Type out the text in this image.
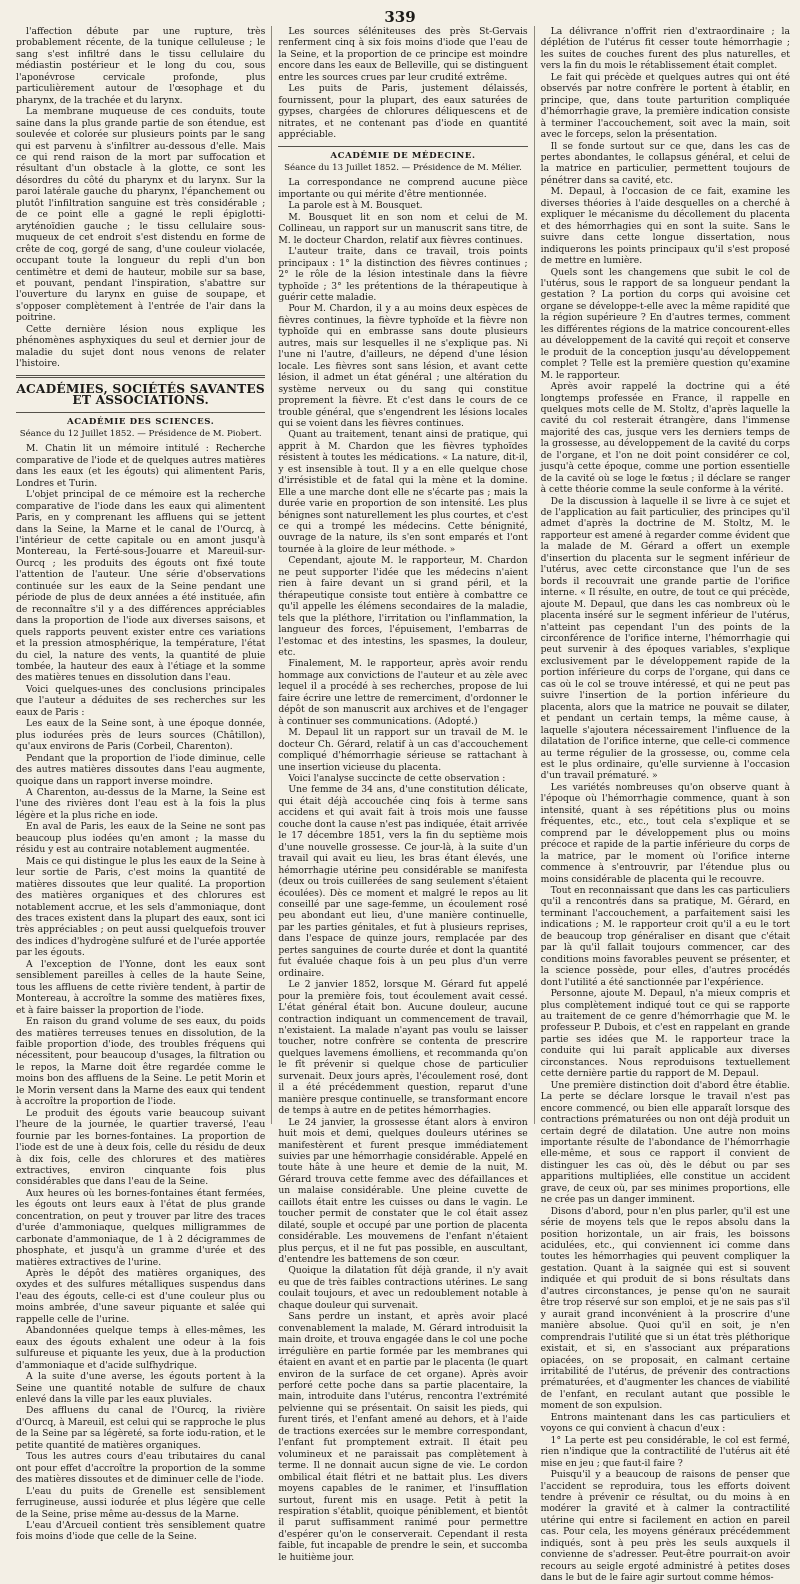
339

l'affection débute par une rupture, très probablement récente, de la tunique celluleuse ; le sang s'est infiltré dans le tissu cellulaire du médiastin postérieur et le long du cou, sous l'aponévrose cervicale profonde, plus particulièrement autour de l'œsophage et du pharynx, de la trachée et du larynx.

La membrane muqueuse de ces conduits, toute saine dans la plus grande partie de son étendue, est soulevée et colorée sur plusieurs points par le sang qui est parvenu à s'infiltrer au-dessous d'elle. Mais ce qui rend raison de la mort par suffocation et résultant d'un obstacle à la glotte, ce sont les désordres du côté du pharynx et du larynx. Sur la paroi latérale gauche du pharynx, l'épanchement ou plutôt l'infiltration sanguine est très considérable ; de ce point elle a gagné le repli épiglotti-aryténoïdien gauche ; le tissu cellulaire sous-muqueux de cet endroit s'est distendu en forme de crête de coq, gorgé de sang, d'une couleur violacée, occupant toute la longueur du repli d'un bon centimètre et demi de hauteur, mobile sur sa base, et pouvant, pendant l'inspiration, s'abattre sur l'ouverture du larynx en guise de soupape, et s'opposer complètement à l'entrée de l'air dans la poitrine.

Cette dernière lésion nous explique les phénomènes asphyxiques du seul et dernier jour de maladie du sujet dont nous venons de relater l'histoire.

ACADÉMIES, SOCIÉTÉS SAVANTES ET ASSOCIATIONS.
ACADÉMIE DES SCIENCES.
Séance du 12 Juillet 1852. — Présidence de M. Piobert.

M. Chatin lit un mémoire intitulé : Recherche comparative de l'iode et de quelques autres matières dans les eaux (et les égouts) qui alimentent Paris, Londres et Turin.

L'objet principal de ce mémoire est la recherche comparative de l'iode dans les eaux qui alimentent Paris, en y comprenant les affluens qui se jettent dans la Seine, la Marne et le canal de l'Ourcq, à l'intérieur de cette capitale ou en amont jusqu'à Montereau, la Ferté-sous-Jouarre et Mareuil-sur-Ourcq ; les produits des égouts ont fixé toute l'attention de l'auteur. Une série d'observations continuée sur les eaux de la Seine pendant une période de plus de deux années a été instituée, afin de reconnaître s'il y a des différences appréciables dans la proportion de l'iode aux diverses saisons, et quels rapports peuvent exister entre ces variations et la pression atmosphérique, la température, l'état du ciel, la nature des vents, la quantité de pluie tombée, la hauteur des eaux à l'étiage et la somme des matières tenues en dissolution dans l'eau.

Voici quelques-unes des conclusions principales que l'auteur a déduites de ses recherches sur les eaux de Paris :

Les eaux de la Seine sont, à une époque donnée, plus iodurées près de leurs sources (Châtillon), qu'aux environs de Paris (Corbeil, Charenton).

Pendant que la proportion de l'iode diminue, celle des autres matières dissoutes dans l'eau augmente, quoique dans un rapport inverse moindre.

A Charenton, au-dessus de la Marne, la Seine est l'une des rivières dont l'eau est à la fois la plus légère et la plus riche en iode.

En aval de Paris, les eaux de la Seine ne sont pas beaucoup plus iodées qu'en amont ; la masse du résidu y est au contraire notablement augmentée.

Mais ce qui distingue le plus les eaux de la Seine à leur sortie de Paris, c'est moins la quantité de matières dissoutes que leur qualité. La proportion des matières organiques et des chlorures est notablement accrue, et les sels d'ammoniaque, dont des traces existent dans la plupart des eaux, sont ici très appréciables ; on peut aussi quelquefois trouver des indices d'hydrogène sulfuré et de l'urée apportée par les égouts.

A l'exception de l'Yonne, dont les eaux sont sensiblement pareilles à celles de la haute Seine, tous les affluens de cette rivière tendent, à partir de Montereau, à accroître la somme des matières fixes, et à faire baisser la proportion de l'iode.

En raison du grand volume de ses eaux, du poids des matières terreuses tenues en dissolution, de la faible proportion d'iode, des troubles fréquens qui nécessitent, pour beaucoup d'usages, la filtration ou le repos, la Marne doit être regardée comme le moins bon des affluens de la Seine. Le petit Morin et le Morin versent dans la Marne des eaux qui tendent à accroître la proportion de l'iode.

Le produit des égouts varie beaucoup suivant l'heure de la journée, le quartier traversé, l'eau fournie par les bornes-fontaines. La proportion de l'iode est de une à deux fois, celle du résidu de deux à dix fois, celle des chlorures et des matières extractives, environ cinquante fois plus considérables que dans l'eau de la Seine.

Aux heures où les bornes-fontaines étant fermées, les égouts ont leurs eaux à l'état de plus grande concentration, on peut y trouver par litre des traces d'urée d'ammoniaque, quelques milligrammes de carbonate d'ammoniaque, de 1 à 2 décigrammes de phosphate, et jusqu'à un gramme d'urée et des matières extractives de l'urine.

Après le dépôt des matières organiques, des oxydes et des sulfures métalliques suspendus dans l'eau des égouts, celle-ci est d'une couleur plus ou moins ambrée, d'une saveur piquante et salée qui rappelle celle de l'urine.

Abandonnées quelque temps à elles-mêmes, les eaux des égouts exhalent une odeur à la fois sulfureuse et piquante les yeux, due à la production d'ammoniaque et d'acide sulfhydrique.

A la suite d'une averse, les égouts portent à la Seine une quantité notable de sulfure de chaux enlevé dans la ville par les eaux pluviales.

Des affluens du canal de l'Ourcq, la rivière d'Ourcq, à Mareuil, est celui qui se rapproche le plus de la Seine par sa légèreté, sa forte iodu-ration, et le petite quantité de matières organiques.

Tous les autres cours d'eau tributaires du canal ont pour effet d'accroître la proportion de la somme des matières dissoutes et de diminuer celle de l'iode.

L'eau du puits de Grenelle est sensiblement ferrugineuse, aussi iodurée et plus légère que celle de la Seine, prise même au-dessus de la Marne.

L'eau d'Arcueil contient très sensiblement quatre fois moins d'iode que celle de la Seine.

Les sources séléniteuses des près St-Gervais renferment cinq à six fois moins d'iode que l'eau de la Seine, et la proportion de ce principe est moindre encore dans les eaux de Belleville, qui se distinguent entre les sources crues par leur crudité extrême.

Les puits de Paris, justement délaissés, fournissent, pour la plupart, des eaux saturées de gypses, chargées de chlorures déliquescens et de nitrates, et ne contenant pas d'iode en quantité appréciable.

ACADÉMIE DE MÉDECINE.
Séance du 13 Juillet 1852. — Présidence de M. Mélier.

La correspondance ne comprend aucune pièce importante ou qui mérite d'être mentionnée.

La parole est à M. Bousquet.

M. Bousquet lit en son nom et celui de M. Collineau, un rapport sur un manuscrit sans titre, de M. le docteur Chardon, relatif aux fièvres continues.

L'auteur traite, dans ce travail, trois points principaux : 1° la distinction des fièvres continues ; 2° le rôle de la lésion intestinale dans la fièvre typhoïde ; 3° les prétentions de la thérapeutique à guérir cette maladie.

Pour M. Chardon, il y a au moins deux espèces de fièvres continues, la fièvre typhoïde et la fièvre non typhoïde qui en embrasse sans doute plusieurs autres, mais sur lesquelles il ne s'explique pas. Ni l'une ni l'autre, d'ailleurs, ne dépend d'une lésion locale. Les fièvres sont sans lésion, et avant cette lésion, il admet un état général ; une altération du système nerveux ou du sang qui constitue proprement la fièvre. Et c'est dans le cours de ce trouble général, que s'engendrent les lésions locales qui se voient dans les fièvres continues.

Quant au traitement, tenant ainsi de pratique, qui apprit à M. Chardon que les fièvres typhoïdes résistent à toutes les médications. « La nature, dit-il, y est insensible à tout. Il y a en elle quelque chose d'irrésistible et de fatal qui la mène et la domine. Elle a une marche dont elle ne s'écarte pas ; mais la durée varie en proportion de son intensité. Les plus bénignes sont naturellement les plus courtes, et c'est ce qui a trompé les médecins. Cette bénignité, ouvrage de la nature, ils s'en sont emparés et l'ont tournée à la gloire de leur méthode. »

Cependant, ajoute M. le rapporteur, M. Chardon ne peut supporter l'idée que les médecins n'aient rien à faire devant un si grand péril, et la thérapeutique consiste tout entière à combattre ce qu'il appelle les élémens secondaires de la maladie, tels que la pléthore, l'irritation ou l'inflammation, la langueur des forces, l'épuisement, l'embarras de l'estomac et des intestins, les spasmes, la douleur, etc.

Finalement, M. le rapporteur, après avoir rendu hommage aux convictions de l'auteur et au zèle avec lequel il a procédé à ses recherches, propose de lui faire écrire une lettre de remerciment, d'ordonner le dépôt de son manuscrit aux archives et de l'engager à continuer ses communications. (Adopté.)

M. Depaul lit un rapport sur un travail de M. le docteur Ch. Gérard, relatif à un cas d'accouchement compliqué d'hémorrhagie sérieuse se rattachant à une insertion vicieuse du placenta.

Voici l'analyse succincte de cette observation :

Une femme de 34 ans, d'une constitution délicate, qui était déjà accouchée cinq fois à terme sans accidens et qui avait fait à trois mois une fausse couche dont la cause n'est pas indiquée, était arrivée le 17 décembre 1851, vers la fin du septième mois d'une nouvelle grossesse. Ce jour-là, à la suite d'un travail qui avait eu lieu, les bras étant élevés, une hémorrhagie utérine peu considérable se manifesta (deux ou trois cuillerées de sang seulement s'étaient écoulées). Dès ce moment et malgré le repos au lit conseillé par une sage-femme, un écoulement rosé peu abondant eut lieu, d'une manière continuelle, par les parties génitales, et fut à plusieurs reprises, dans l'espace de quinze jours, remplacée par des pertes sanguines de courte durée et dont la quantité fut évaluée chaque fois à un peu plus d'un verre ordinaire.

Le 2 janvier 1852, lorsque M. Gérard fut appelé pour la première fois, tout écoulement avait cessé. L'état général était bon. Aucune douleur, aucune contraction indiquant un commencement de travail, n'existaient. La malade n'ayant pas voulu se laisser toucher, notre confrère se contenta de prescrire quelques lavemens émolliens, et recommanda qu'on le fît prévenir si quelque chose de particulier survenait. Deux jours après, l'écoulement rosé, dont il a été précédemment question, reparut d'une manière presque continuelle, se transformant encore de temps à autre en de petites hémorrhagies.

Le 24 janvier, la grossesse étant alors à environ huit mois et demi, quelques douleurs utérines se manifestèrent et furent presque immédiatement suivies par une hémorrhagie considérable. Appelé en toute hâte à une heure et demie de la nuit, M. Gérard trouva cette femme avec des défaillances et un malaise considérable. Une pleine cuvette de caillots était entre les cuisses ou dans le vagin. Le toucher permit de constater que le col était assez dilaté, souple et occupé par une portion de placenta considérable. Les mouvemens de l'enfant n'étaient plus perçus, et il ne fut pas possible, en auscultant, d'entendre les battemens de son cœur.

Quoique la dilatation fût déjà grande, il n'y avait eu que de très faibles contractions utérines. Le sang coulait toujours, et avec un redoublement notable à chaque douleur qui survenait.

Sans perdre un instant, et après avoir placé convenablement la malade, M. Gérard introduisit la main droite, et trouva engagée dans le col une poche irrégulière en partie formée par les membranes qui étaient en avant et en partie par le placenta (le quart environ de la surface de cet organe). Après avoir perforé cette poche dans sa partie placentaire, la main, introduite dans l'utérus, rencontra l'extrémité pelvienne qui se présentait. On saisit les pieds, qui furent tirés, et l'enfant amené au dehors, et à l'aide de tractions exercées sur le membre correspondant, l'enfant fut promptement extrait. Il était peu volumineux et ne paraissait pas complètement à terme. Il ne donnait aucun signe de vie. Le cordon ombilical était flétri et ne battait plus. Les divers moyens capables de le ranimer, et l'insufflation surtout, furent mis en usage. Petit à petit la respiration s'établit, quoique péniblement, et bientôt il parut suffisamment ranimé pour permettre d'espérer qu'on le conserverait. Cependant il resta faible, fut incapable de prendre le sein, et succomba le huitième jour.

La délivrance n'offrit rien d'extraordinaire ; la déplétion de l'utérus fit cesser toute hémorrhagie ; les suites de couches furent des plus naturelles, et vers la fin du mois le rétablissement était complet.

Le fait qui précède et quelques autres qui ont été observés par notre confrère le portent à établir, en principe, que, dans toute parturition compliquée d'hémorrhagie grave, la première indication consiste à terminer l'accouchement, soit avec la main, soit avec le forceps, selon la présentation.

Il se fonde surtout sur ce que, dans les cas de pertes abondantes, le collapsus général, et celui de la matrice en particulier, permettent toujours de pénétrer dans sa cavité, etc.

M. Depaul, à l'occasion de ce fait, examine les diverses théories à l'aide desquelles on a cherché à expliquer le mécanisme du décollement du placenta et des hémorrhagies qui en sont la suite. Sans le suivre dans cette longue dissertation, nous indiquerons les points principaux qu'il s'est proposé de mettre en lumière.

Quels sont les changemens que subit le col de l'utérus, sous le rapport de sa longueur pendant la gestation ? La portion du corps qui avoisine cet organe se développe-t-elle avec la même rapidité que la région supérieure ? En d'autres termes, comment les différentes régions de la matrice concourent-elles au développement de la cavité qui reçoit et conserve le produit de la conception jusqu'au développement complet ? Telle est la première question qu'examine M. le rapporteur.

Après avoir rappelé la doctrine qui a été longtemps professée en France, il rappelle en quelques mots celle de M. Stoltz, d'après laquelle la cavité du col resterait étrangère, dans l'immense majorité des cas, jusque vers les derniers temps de la grossesse, au développement de la cavité du corps de l'organe, et l'on ne doit point considérer ce col, jusqu'à cette époque, comme une portion essentielle de la cavité où se loge le fœtus ; il déclare se ranger à cette théorie comme la seule conforme à la vérité.

De la discussion à laquelle il se livre à ce sujet et de l'application au fait particulier, des principes qu'il admet d'après la doctrine de M. Stoltz, M. le rapporteur est amené à regarder comme évident que la malade de M. Gérard a offert un exemple d'insertion du placenta sur le segment inférieur de l'utérus, avec cette circonstance que l'un de ses bords il recouvrait une grande partie de l'orifice interne. « Il résulte, en outre, de tout ce qui précède, ajoute M. Depaul, que dans les cas nombreux où le placenta inséré sur le segment inférieur de l'utérus, n'atteint pas cependant l'un des points de la circonférence de l'orifice interne, l'hémorrhagie qui peut survenir à des époques variables, s'explique exclusivement par le développement rapide de la portion inférieure du corps de l'organe, qui dans ce cas où le col se trouve intéressé, et qui ne peut pas suivre l'insertion de la portion inférieure du placenta, alors que la matrice ne pouvait se dilater, et pendant un certain temps, la même cause, à laquelle s'ajoutera nécessairement l'influence de la dilatation de l'orifice interne, que celle-ci commence au terme régulier de la grossesse, ou, comme cela est le plus ordinaire, qu'elle survienne à l'occasion d'un travail prématuré. »

Les variétés nombreuses qu'on observe quant à l'époque où l'hémorrhagie commence, quant à son intensité, quant à ses répétitions plus ou moins fréquentes, etc., etc., tout cela s'explique et se comprend par le développement plus ou moins précoce et rapide de la partie inférieure du corps de la matrice, par le moment où l'orifice interne commence à s'entrouvrir, par l'étendue plus ou moins considérable de placenta qui le recouvre.

Tout en reconnaissant que dans les cas particuliers qu'il a rencontrés dans sa pratique, M. Gérard, en terminant l'accouchement, a parfaitement saisi les indications ; M. le rapporteur croit qu'il a eu le tort de beaucoup trop généraliser en disant que c'était par là qu'il fallait toujours commencer, car des conditions moins favorables peuvent se présenter, et la science possède, pour elles, d'autres procédés dont l'utilité a été sanctionnée par l'expérience.

Personne, ajoute M. Depaul, n'a mieux compris et plus complètement indiqué tout ce qui se rapporte au traitement de ce genre d'hémorrhagie que M. le professeur P. Dubois, et c'est en rappelant en grande partie ses idées que M. le rapporteur trace la conduite qui lui paraît applicable aux diverses circonstances. Nous reproduisons textuellement cette dernière partie du rapport de M. Depaul.

Une première distinction doit d'abord être établie. La perte se déclare lorsque le travail n'est pas encore commencé, ou bien elle apparaît lorsque des contractions prématurées ou non ont déjà produit un certain degré de dilatation. Une autre non moins importante résulte de l'abondance de l'hémorrhagie elle-même, et sous ce rapport il convient de distinguer les cas où, dès le début ou par ses apparitions multipliées, elle constitue un accident grave, de ceux où, par ses minimes proportions, elle ne crée pas un danger imminent.

Disons d'abord, pour n'en plus parler, qu'il est une série de moyens tels que le repos absolu dans la position horizontale, un air frais, les boissons acidulées, etc., qui conviennent ici comme dans toutes les hémorrhagies qui peuvent compliquer la gestation. Quant à la saignée qui est si souvent indiquée et qui produit de si bons résultats dans d'autres circonstances, je pense qu'on ne saurait être trop réservé sur son emploi, et je ne sais pas s'il y aurait grand inconvénient à la proscrire d'une manière absolue. Quoi qu'il en soit, je n'en comprendrais l'utilité que si un état très pléthorique existait, et si, en s'associant aux préparations opiacées, on se proposait, en calmant certaine irritabilité de l'utérus, de prévenir des contractions prématurées, et d'augmenter les chances de viabilité de l'enfant, en reculant autant que possible le moment de son expulsion.

Entrons maintenant dans les cas particuliers et voyons ce qui convient à chacun d'eux :

1° La perte est peu considérable, le col est fermé, rien n'indique que la contractilité de l'utérus ait été mise en jeu ; que faut-il faire ?

Puisqu'il y a beaucoup de raisons de penser que l'accident se reproduira, tous les efforts doivent tendre à prévenir ce résultat, ou du moins à en modérer la gravité et à calmer la contractilité utérine qui entre si facilement en action en pareil cas. Pour cela, les moyens généraux précédemment indiqués, sont à peu près les seuls auxquels il convienne de s'adresser. Peut-être pourrait-on avoir recours au seigle ergoté administré à petites doses dans le but de le faire agir surtout comme hémos-
